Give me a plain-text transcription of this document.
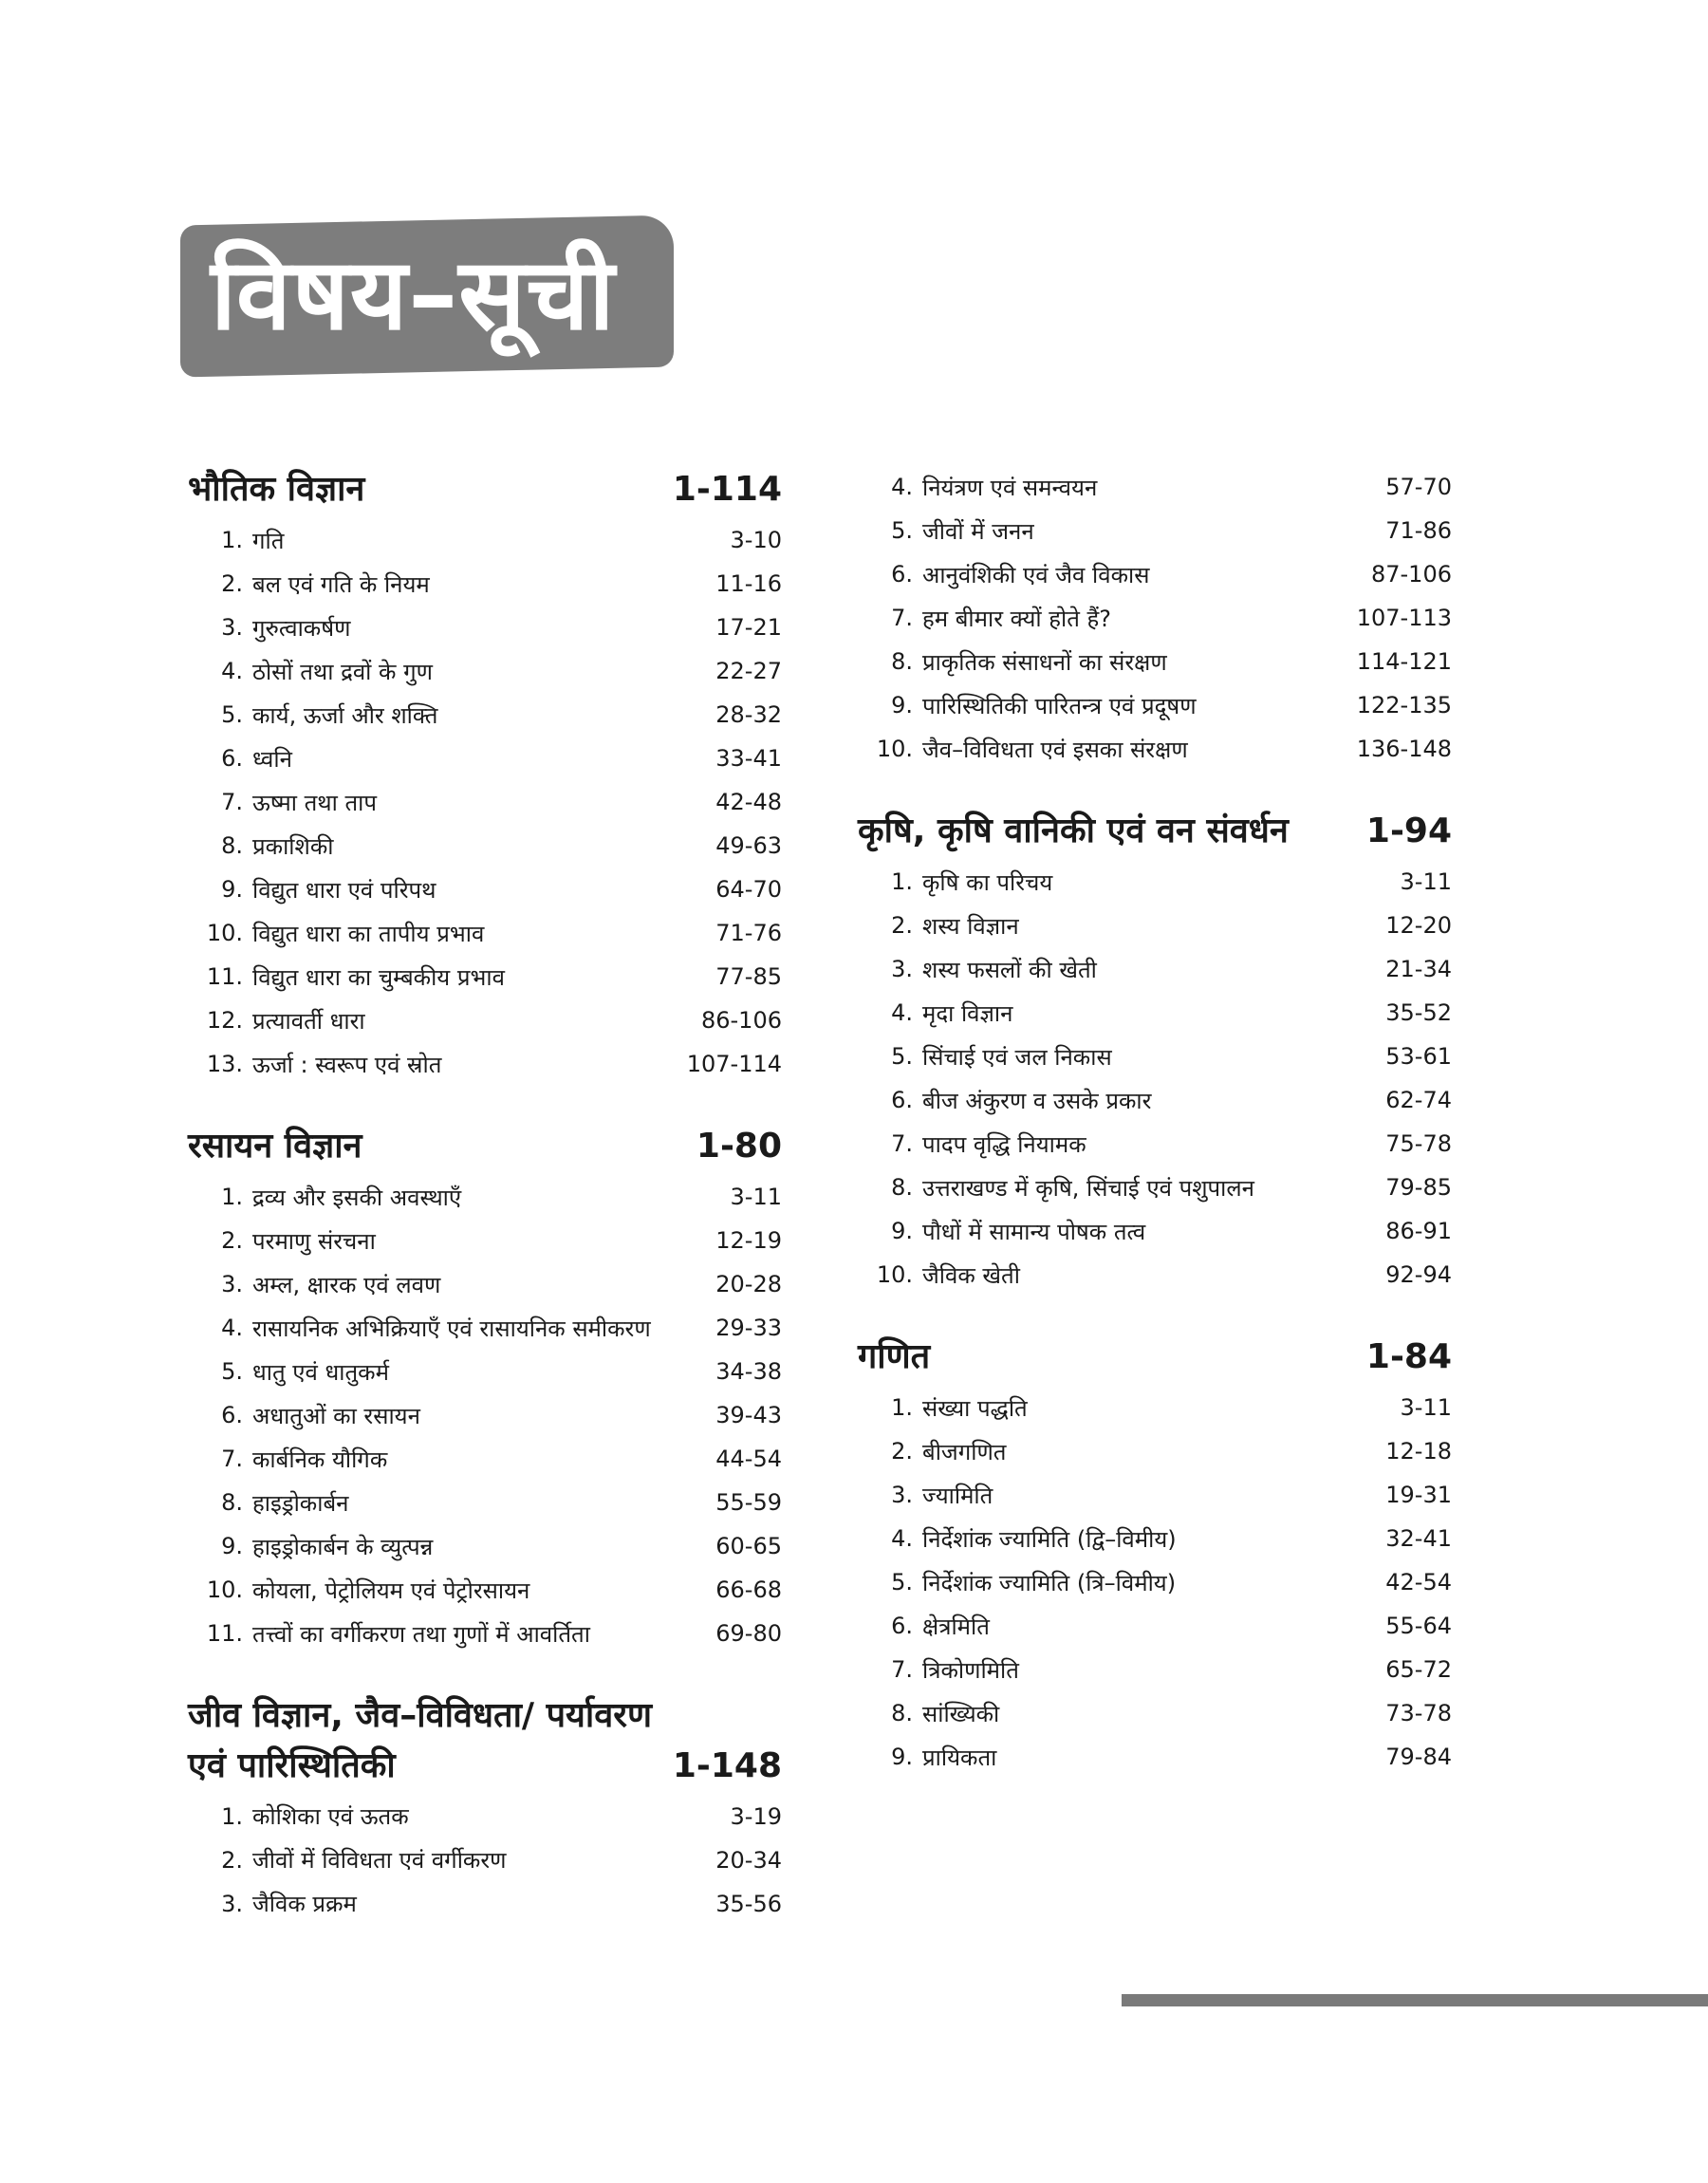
विषय–सूची
भौतिक विज्ञान	1-114
1. गति	3-10
2. बल एवं गति के नियम	11-16
3. गुरुत्वाकर्षण	17-21
4. ठोसों तथा द्रवों के गुण	22-27
5. कार्य, ऊर्जा और शक्ति	28-32
6. ध्वनि	33-41
7. ऊष्मा तथा ताप	42-48
8. प्रकाशिकी	49-63
9. विद्युत धारा एवं परिपथ	64-70
10. विद्युत धारा का तापीय प्रभाव	71-76
11. विद्युत धारा का चुम्बकीय प्रभाव	77-85
12. प्रत्यावर्ती धारा	86-106
13. ऊर्जा : स्वरूप एवं स्रोत	107-114
रसायन विज्ञान	1-80
1. द्रव्य और इसकी अवस्थाएँ	3-11
2. परमाणु संरचना	12-19
3. अम्ल, क्षारक एवं लवण	20-28
4. रासायनिक अभिक्रियाएँ एवं रासायनिक समीकरण	29-33
5. धातु एवं धातुकर्म	34-38
6. अधातुओं का रसायन	39-43
7. कार्बनिक यौगिक	44-54
8. हाइड्रोकार्बन	55-59
9. हाइड्रोकार्बन के व्युत्पन्न	60-65
10. कोयला, पेट्रोलियम एवं पेट्रोरसायन	66-68
11. तत्त्वों का वर्गीकरण तथा गुणों में आवर्तिता	69-80
जीव विज्ञान, जैव–विविधता/ पर्यावरण एवं पारिस्थितिकी	1-148
1. कोशिका एवं ऊतक	3-19
2. जीवों में विविधता एवं वर्गीकरण	20-34
3. जैविक प्रक्रम	35-56
4. नियंत्रण एवं समन्वयन	57-70
5. जीवों में जनन	71-86
6. आनुवंशिकी एवं जैव विकास	87-106
7. हम बीमार क्यों होते हैं?	107-113
8. प्राकृतिक संसाधनों का संरक्षण	114-121
9. पारिस्थितिकी पारितन्त्र एवं प्रदूषण	122-135
10. जैव–विविधता एवं इसका संरक्षण	136-148
कृषि, कृषि वानिकी एवं वन संवर्धन 1-94
1. कृषि का परिचय	3-11
2. शस्य विज्ञान	12-20
3. शस्य फसलों की खेती	21-34
4. मृदा विज्ञान	35-52
5. सिंचाई एवं जल निकास	53-61
6. बीज अंकुरण व उसके प्रकार	62-74
7. पादप वृद्धि नियामक	75-78
8. उत्तराखण्ड में कृषि, सिंचाई एवं पशुपालन	79-85
9. पौधों में सामान्य पोषक तत्व	86-91
10. जैविक खेती	92-94
गणित	1-84
1. संख्या पद्धति	3-11
2. बीजगणित	12-18
3. ज्यामिति	19-31
4. निर्देशांक ज्यामिति (द्वि–विमीय)	32-41
5. निर्देशांक ज्यामिति (त्रि–विमीय)	42-54
6. क्षेत्रमिति	55-64
7. त्रिकोणमिति	65-72
8. सांख्यिकी	73-78
9. प्रायिकता	79-84
